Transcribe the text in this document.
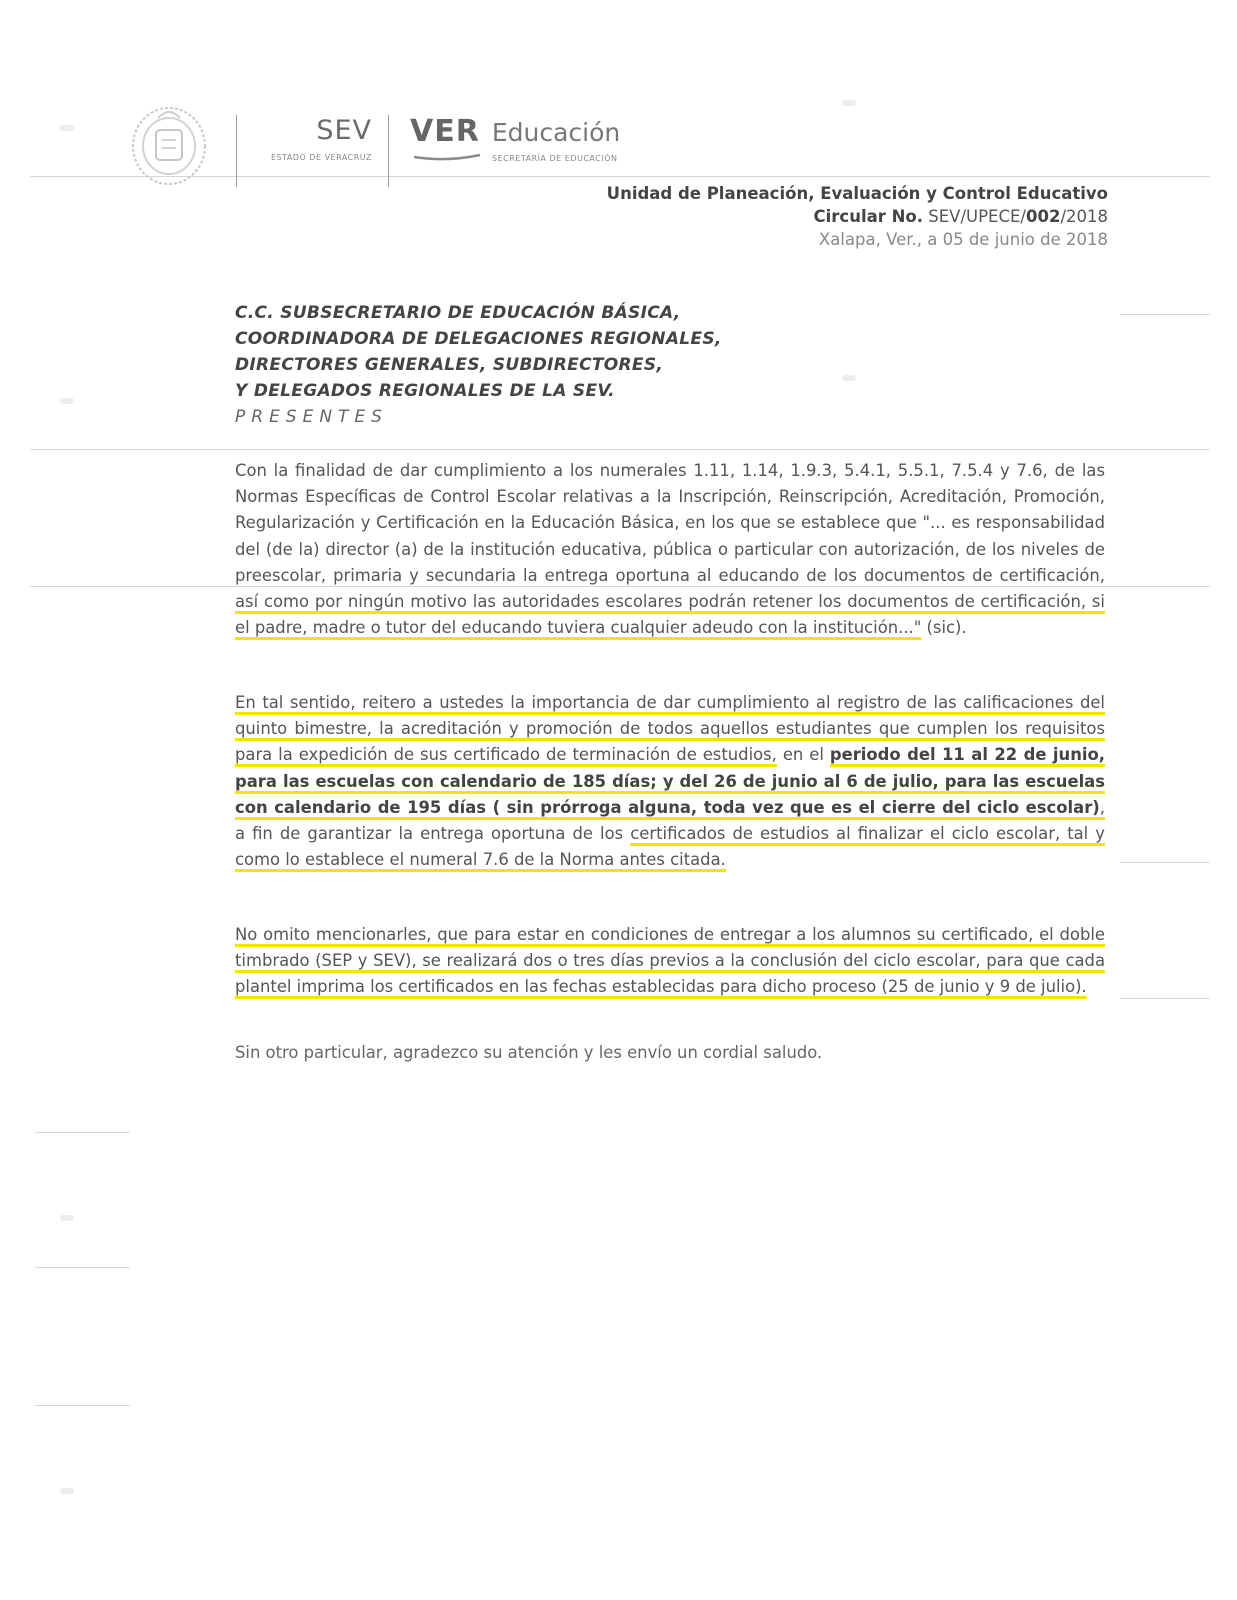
SEV
ESTADO DE VERACRUZ
VER Educación
SECRETARÍA DE EDUCACIÓN
Unidad de Planeación, Evaluación y Control Educativo
Circular No. SEV/UPECE/002/2018
Xalapa, Ver., a 05 de junio de 2018
C.C. SUBSECRETARIO DE EDUCACIÓN BÁSICA,
COORDINADORA DE DELEGACIONES REGIONALES,
DIRECTORES GENERALES, SUBDIRECTORES,
Y DELEGADOS REGIONALES DE LA SEV.
PRESENTES
Con la finalidad de dar cumplimiento a los numerales 1.11, 1.14, 1.9.3, 5.4.1, 5.5.1, 7.5.4 y 7.6, de las Normas Específicas de Control Escolar relativas a la Inscripción, Reinscripción, Acreditación, Promoción, Regularización y Certificación en la Educación Básica, en los que se establece que "... es responsabilidad del (de la) director (a) de la institución educativa, pública o particular con autorización, de los niveles de preescolar, primaria y secundaria la entrega oportuna al educando de los documentos de certificación, así como por ningún motivo las autoridades escolares podrán retener los documentos de certificación, si el padre, madre o tutor del educando tuviera cualquier adeudo con la institución..." (sic).
En tal sentido, reitero a ustedes la importancia de dar cumplimiento al registro de las calificaciones del quinto bimestre, la acreditación y promoción de todos aquellos estudiantes que cumplen los requisitos para la expedición de sus certificado de terminación de estudios, en el periodo del 11 al 22 de junio, para las escuelas con calendario de 185 días; y del 26 de junio al 6 de julio, para las escuelas con calendario de 195 días ( sin prórroga alguna, toda vez que es el cierre del ciclo escolar), a fin de garantizar la entrega oportuna de los certificados de estudios al finalizar el ciclo escolar, tal y como lo establece el numeral 7.6 de la Norma antes citada.
No omito mencionarles, que para estar en condiciones de entregar a los alumnos su certificado, el doble timbrado (SEP y SEV), se realizará dos o tres días previos a la conclusión del ciclo escolar, para que cada plantel imprima los certificados en las fechas establecidas para dicho proceso (25 de junio y 9 de julio).
Sin otro particular, agradezco su atención y les envío un cordial saludo.
